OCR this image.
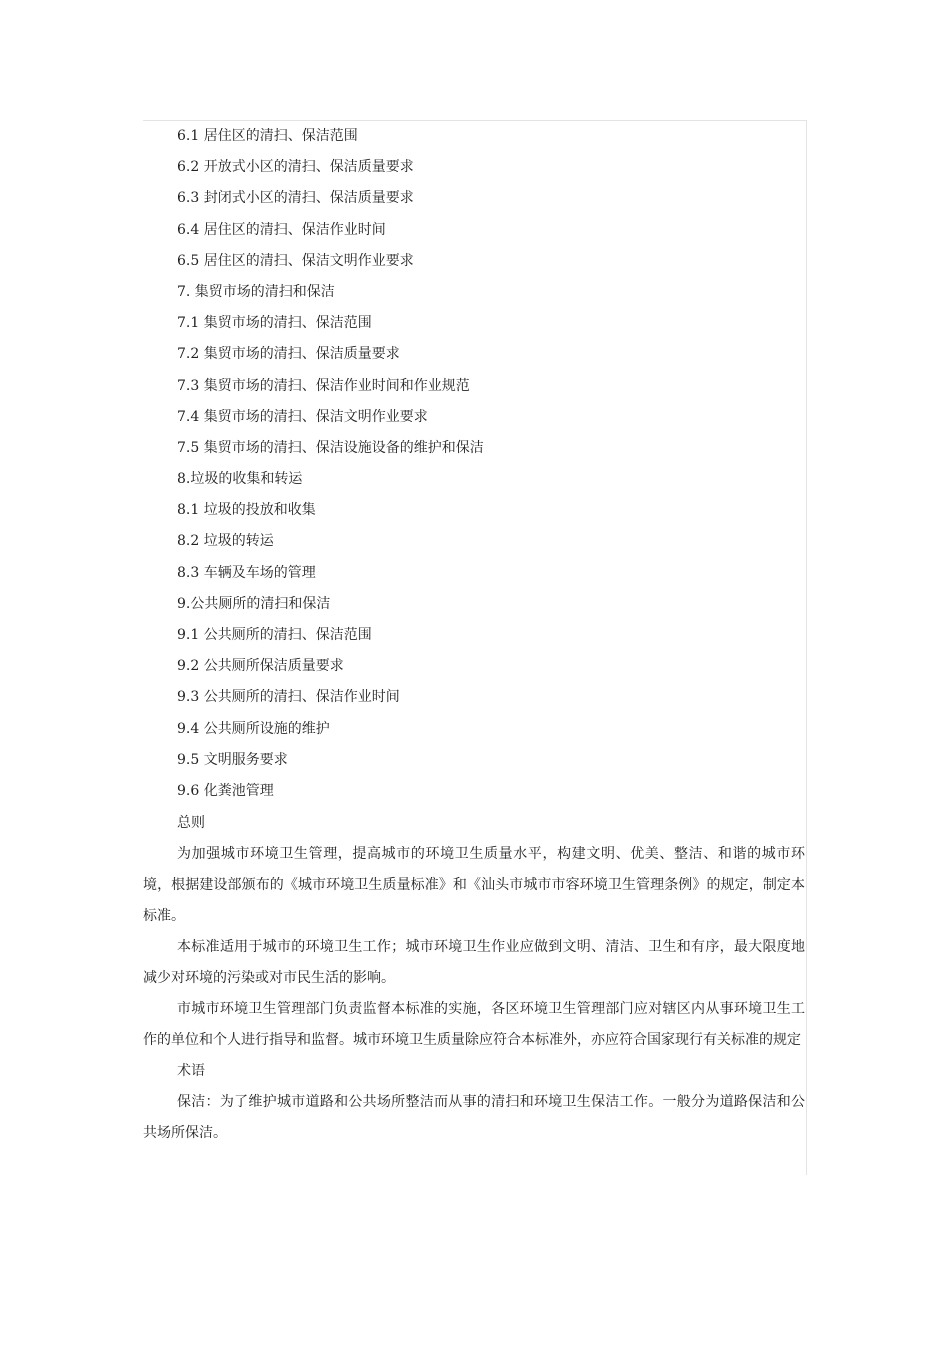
6.1 居住区的清扫、保洁范围
6.2 开放式小区的清扫、保洁质量要求
6.3 封闭式小区的清扫、保洁质量要求
6.4 居住区的清扫、保洁作业时间
6.5 居住区的清扫、保洁文明作业要求
7. 集贸市场的清扫和保洁
7.1 集贸市场的清扫、保洁范围
7.2 集贸市场的清扫、保洁质量要求
7.3 集贸市场的清扫、保洁作业时间和作业规范
7.4 集贸市场的清扫、保洁文明作业要求
7.5 集贸市场的清扫、保洁设施设备的维护和保洁
8.垃圾的收集和转运
8.1 垃圾的投放和收集
8.2 垃圾的转运
8.3 车辆及车场的管理
9.公共厕所的清扫和保洁
9.1 公共厕所的清扫、保洁范围
9.2 公共厕所保洁质量要求
9.3 公共厕所的清扫、保洁作业时间
9.4 公共厕所设施的维护
9.5 文明服务要求
9.6 化粪池管理
总则

为加强城市环境卫生管理，提高城市的环境卫生质量水平，构建文明、优美、整洁、和谐的城市环境，根据建设部颁布的《城市环境卫生质量标准》和《汕头市城市市容环境卫生管理条例》的规定，制定本标准。

本标准适用于城市的环境卫生工作；城市环境卫生作业应做到文明、清洁、卫生和有序，最大限度地减少对环境的污染或对市民生活的影响。

市城市环境卫生管理部门负责监督本标准的实施，各区环境卫生管理部门应对辖区内从事环境卫生工作的单位和个人进行指导和监督。城市环境卫生质量除应符合本标准外，亦应符合国家现行有关标准的规定

术语

保洁：为了维护城市道路和公共场所整洁而从事的清扫和环境卫生保洁工作。一般分为道路保洁和公共场所保洁。
